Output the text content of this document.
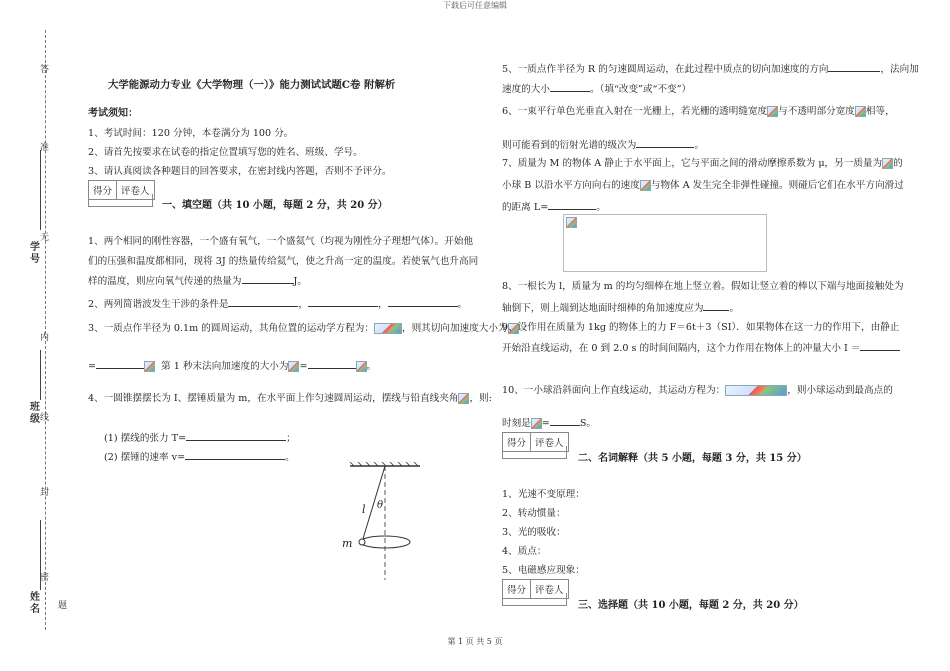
下载后可任意编辑
第 1 页 共 5 页
答
准
无
内
线
封
密
题
学号
班级
姓名
大学能源动力专业《大学物理（一）》能力测试试题C卷 附解析
考试须知：
1、考试时间：120 分钟，本卷满分为 100 分。
2、请首先按要求在试卷的指定位置填写您的姓名、班级、学号。
3、请认真阅读各种题目的回答要求，在密封线内答题，否则不予评分。
得分 评卷人
一、填空题（共 10 小题，每题 2 分，共 20 分）
1、两个相同的刚性容器，一个盛有氧气，一个盛氦气（均视为刚性分子理想气体）。开始他
们的压强和温度都相同，现将 3J 的热量传给氦气，使之升高一定的温度。若使氧气也升高同
样的温度，则应向氧气传递的热量为	J。
2、两列简谐波发生干涉的条件是	，	，	。
3、一质点作半径为 0.1m 的圆周运动，其角位置的运动学方程为：	，则其切向加速度大小为
=	第 1 秒末法向加速度的大小为 =	。
4、一圆锥摆摆长为 I、摆锤质量为 m，在水平面上作匀速圆周运动，摆线与铅直线夹角 ，则:
(1) 摆线的张力 T=	；
(2) 摆锤的速率 v=	。
l θ
m
5、一质点作半径为 R 的匀速圆周运动，在此过程中质点的切向加速度的方向	，法向加
速度的大小	。（填“改变”或“不变”）
6、一束平行单色光垂直入射在一光栅上，若光栅的透明缝宽度 与不透明部分宽度 相等，
则可能看到的衍射光谱的级次为	。
7、质量为 M 的物体 A 静止于水平面上，它与平面之间的滑动摩擦系数为 μ，另一质量为 的
小球 B 以沿水平方向向右的速度 与物体 A 发生完全非弹性碰撞。则碰后它们在水平方向滑过
的距离 L=	。
8、一根长为 l，质量为 m 的均匀细棒在地上竖立着。假如让竖立着的棒以下端与地面接触处为
轴倒下，则上端到达地面时细棒的角加速度应为	。
9、设作用在质量为 1kg 的物体上的力 F＝6t＋3（SI）．如果物体在这一力的作用下，由静止
开始沿直线运动，在 0 到 2.0 s 的时间间隔内，这个力作用在物体上的冲量大小 I ＝
10、一小球沿斜面向上作直线运动，其运动方程为：	，则小球运动到最高点的
时刻是 =	S。
得分 评卷人
二、名词解释（共 5 小题，每题 3 分，共 15 分）
1、光速不变原理：
2、转动惯量：
3、光的吸收：
4、质点：
5、电磁感应现象：
得分 评卷人
三、选择题（共 10 小题，每题 2 分，共 20 分）
